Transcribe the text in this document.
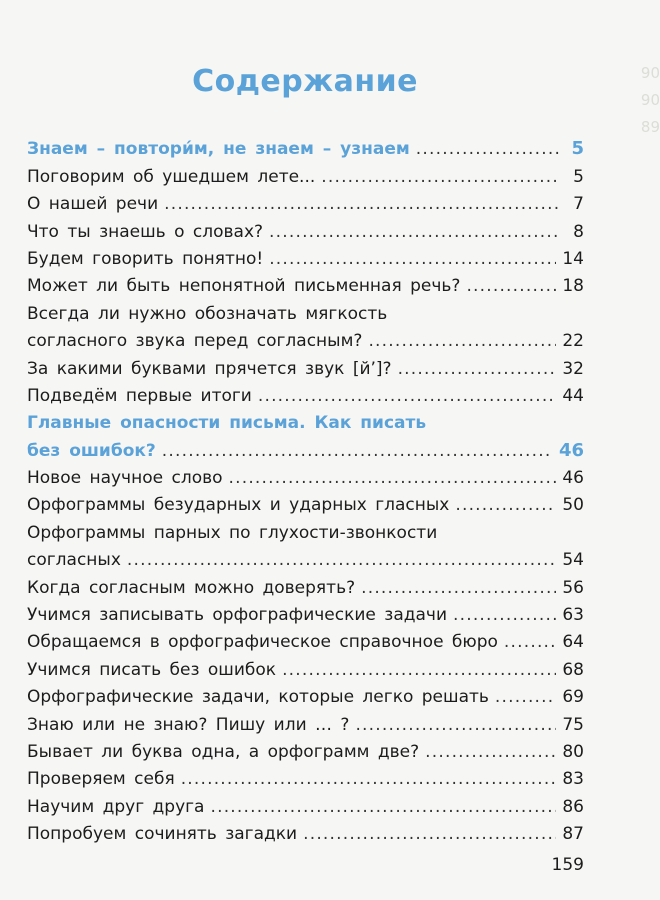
90
90
89
Содержание
Знаем – повтори́м, не знаем – узнаем .....	5
Поговорим об ушедшем лете... .....	5
О нашей речи .....	7
Что ты знаешь о словах? .....	8
Будем говорить понятно! .....	14
Может ли быть непонятной письменная речь? .....	18
Всегда ли нужно обозначать мягкость
согласного звука перед согласным? .....	22
За какими буквами прячется звук [й’]? .....	32
Подведём первые итоги .....	44
Главные опасности письма. Как писать
без ошибок? .....	46
Новое научное слово .....	46
Орфограммы безударных и ударных гласных .....	50
Орфограммы парных по глухости-звонкости
согласных .....	54
Когда согласным можно доверять? .....	56
Учимся записывать орфографические задачи .....	63
Обращаемся в орфографическое справочное бюро .....	64
Учимся писать без ошибок .....	68
Орфографические задачи, которые легко решать .....	69
Знаю или не знаю? Пишу или … ? .....	75
Бывает ли буква одна, а орфограмм две? .....	80
Проверяем себя .....	83
Научим друг друга .....	86
Попробуем сочинять загадки .....	87
159
